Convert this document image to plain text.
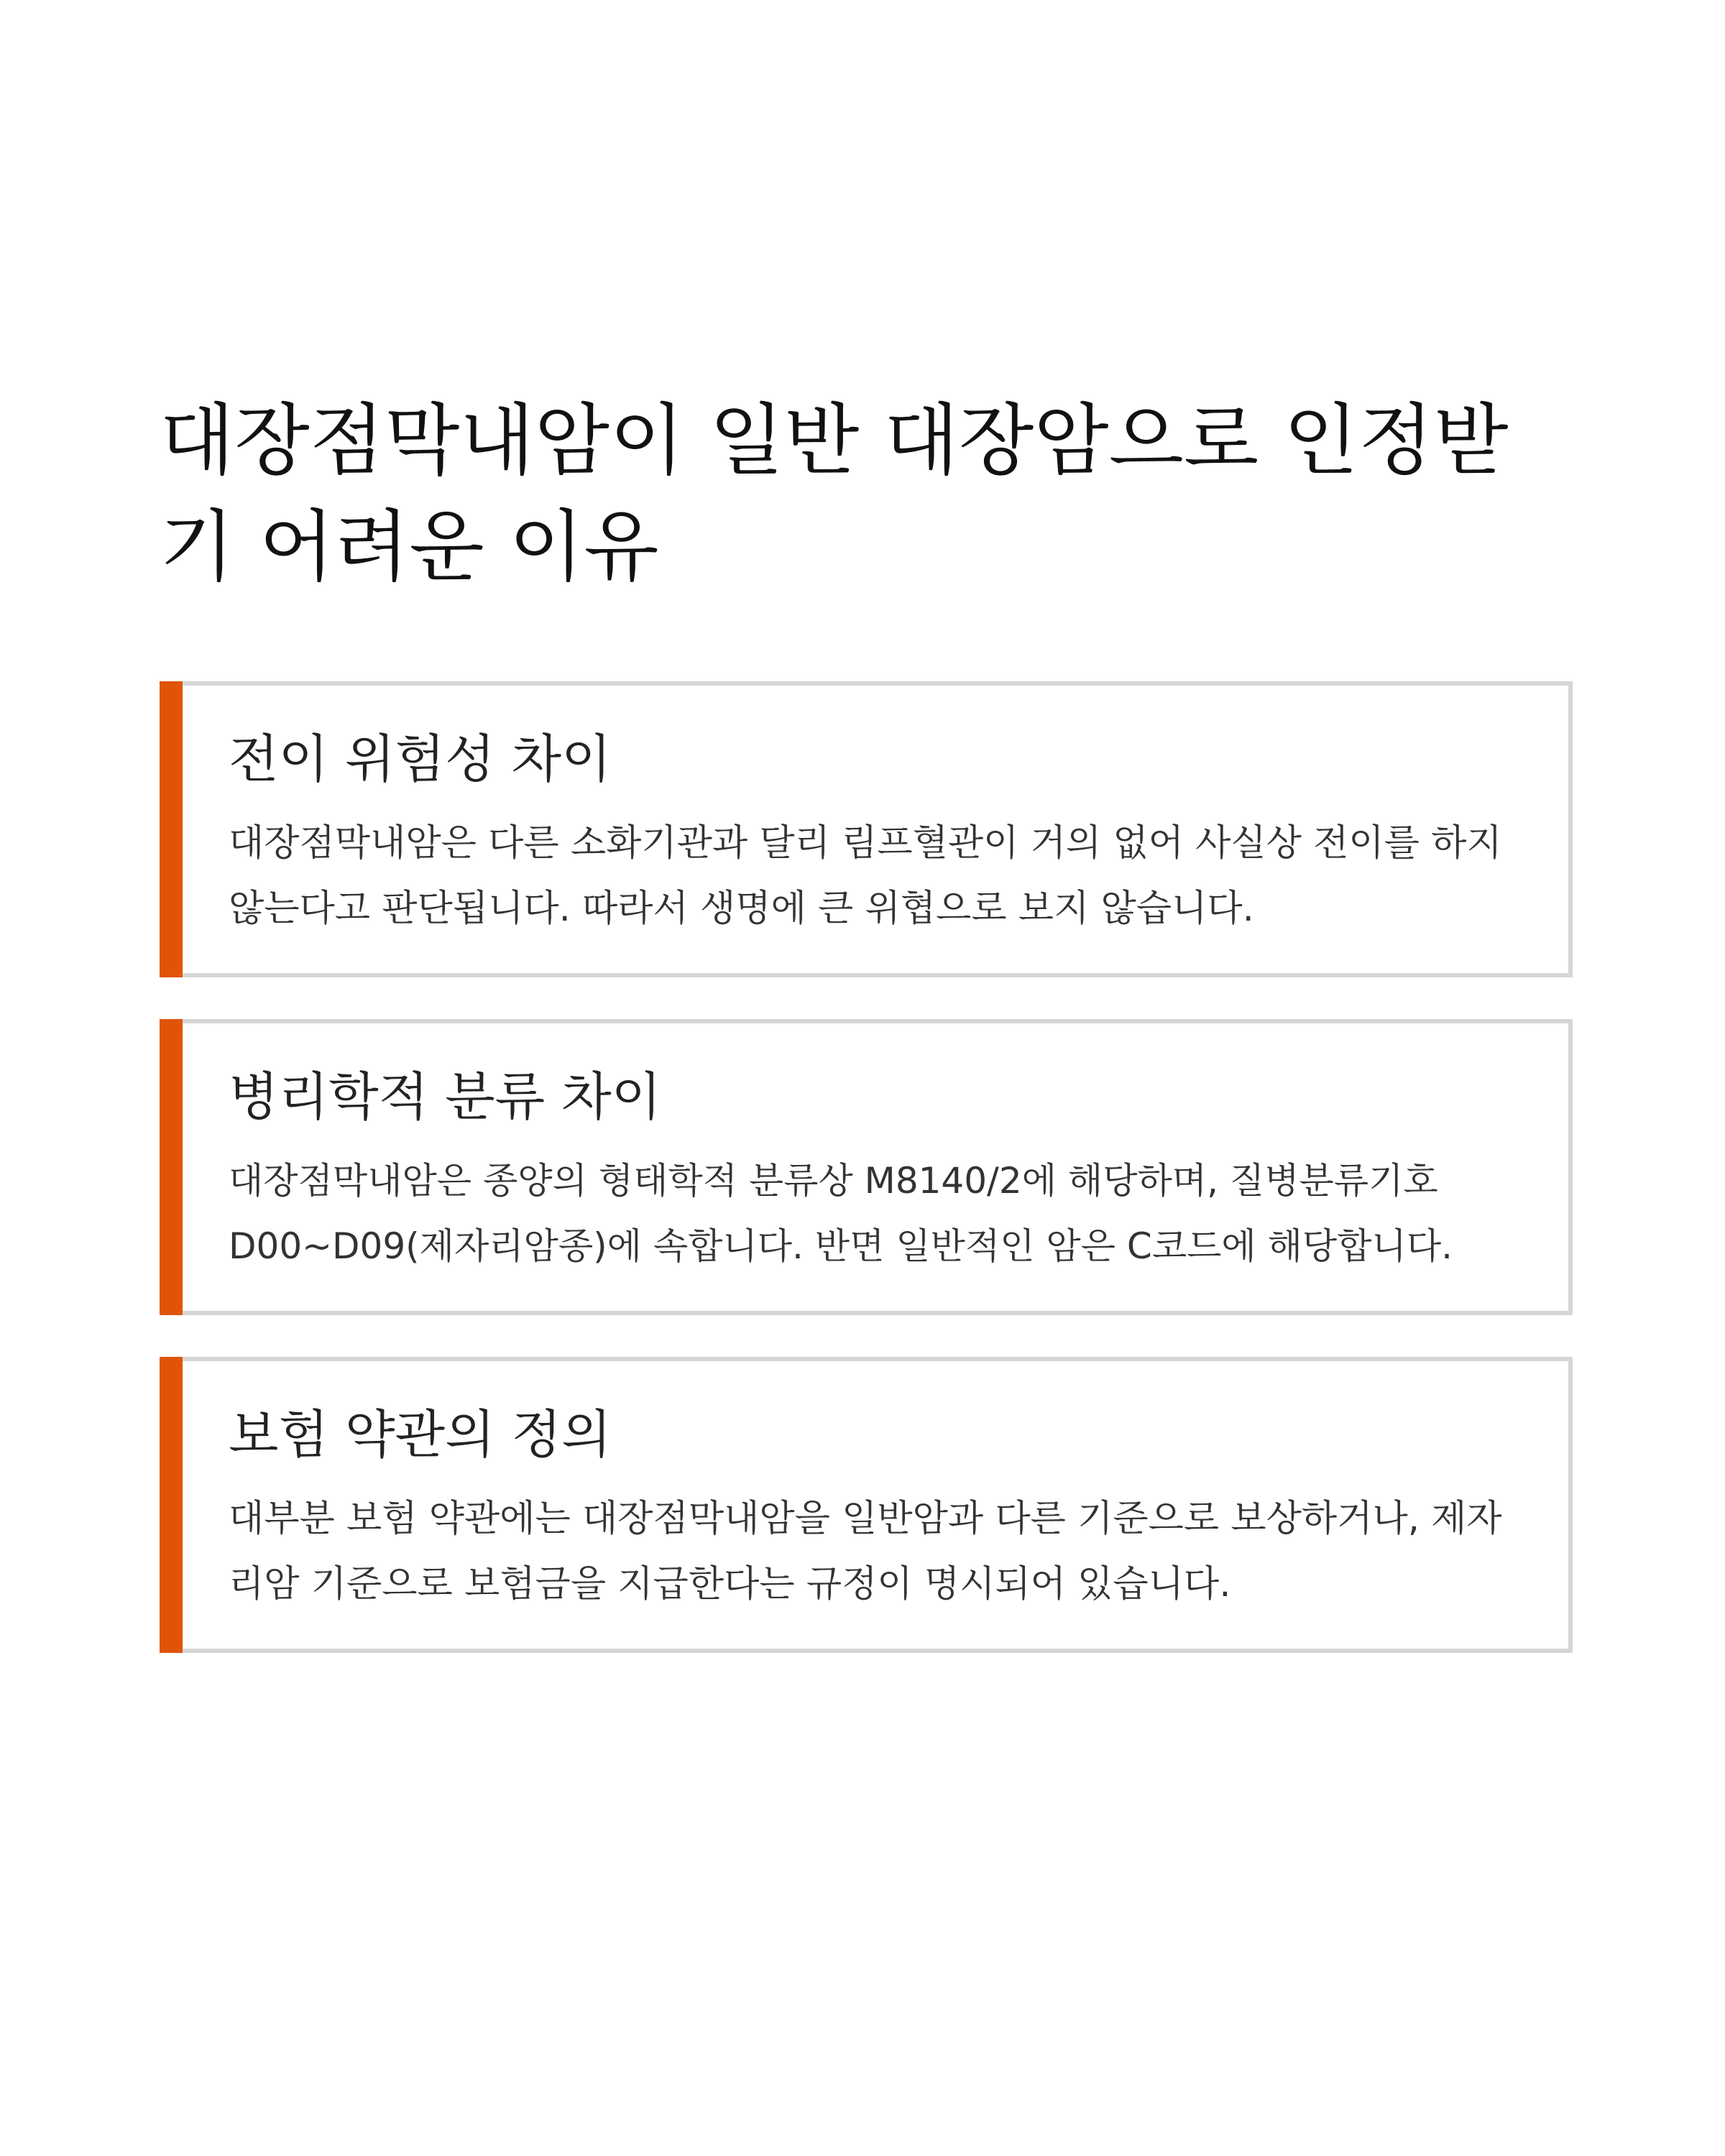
대장점막내암이 일반 대장암으로 인정받기 어려운 이유
전이 위험성 차이

대장점막내암은 다른 소화기관과 달리 림프혈관이 거의 없어 사실상 전이를 하지 않는다고 판단됩니다. 따라서 생명에 큰 위협으로 보지 않습니다.

병리학적 분류 차이

대장점막내암은 종양의 형태학적 분류상 M8140/2에 해당하며, 질병분류기호 D00~D09(제자리암종)에 속합니다. 반면 일반적인 암은 C코드에 해당합니다.

보험 약관의 정의

대부분 보험 약관에는 대장점막내암을 일반암과 다른 기준으로 보상하거나, 제자리암 기준으로 보험금을 지급한다는 규정이 명시되어 있습니다.
